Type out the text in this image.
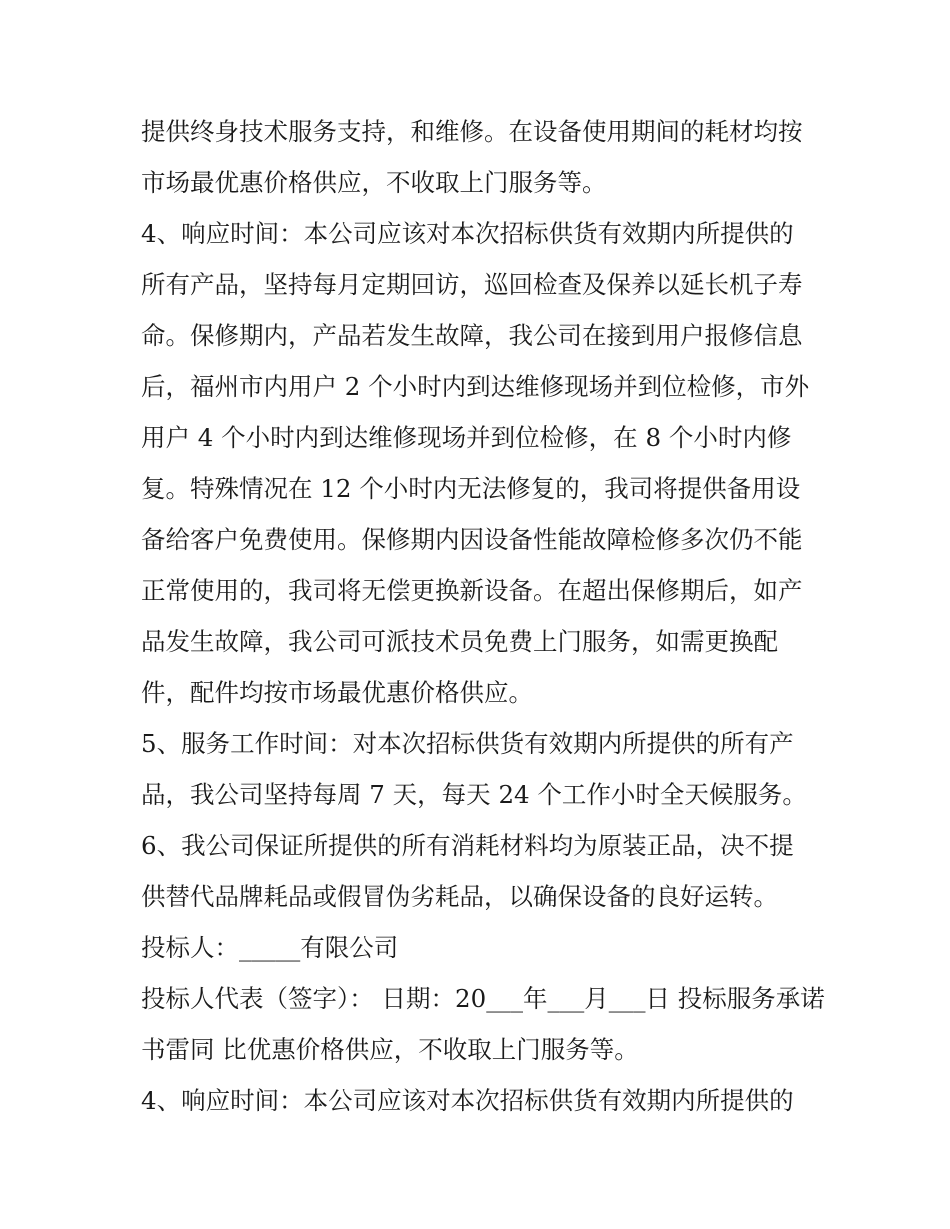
提供终身技术服务支持，和维修。在设备使用期间的耗材均按
市场最优惠价格供应，不收取上门服务等。
4、响应时间：本公司应该对本次招标供货有效期内所提供的
所有产品，坚持每月定期回访，巡回检查及保养以延长机子寿
命。保修期内，产品若发生故障，我公司在接到用户报修信息
后，福州市内用户 2 个小时内到达维修现场并到位检修，市外
用户 4 个小时内到达维修现场并到位检修，在 8 个小时内修
复。特殊情况在 12 个小时内无法修复的，我司将提供备用设
备给客户免费使用。保修期内因设备性能故障检修多次仍不能
正常使用的，我司将无偿更换新设备。在超出保修期后，如产
品发生故障，我公司可派技术员免费上门服务，如需更换配
件，配件均按市场最优惠价格供应。
5、服务工作时间：对本次招标供货有效期内所提供的所有产
品，我公司坚持每周 7 天，每天 24 个工作小时全天候服务。
6、我公司保证所提供的所有消耗材料均为原装正品，决不提
供替代品牌耗品或假冒伪劣耗品，以确保设备的良好运转。
投标人：_____有限公司
投标人代表（签字）： 日期：20___年___月___日 投标服务承诺
书雷同 比优惠价格供应，不收取上门服务等。
4、响应时间：本公司应该对本次招标供货有效期内所提供的
